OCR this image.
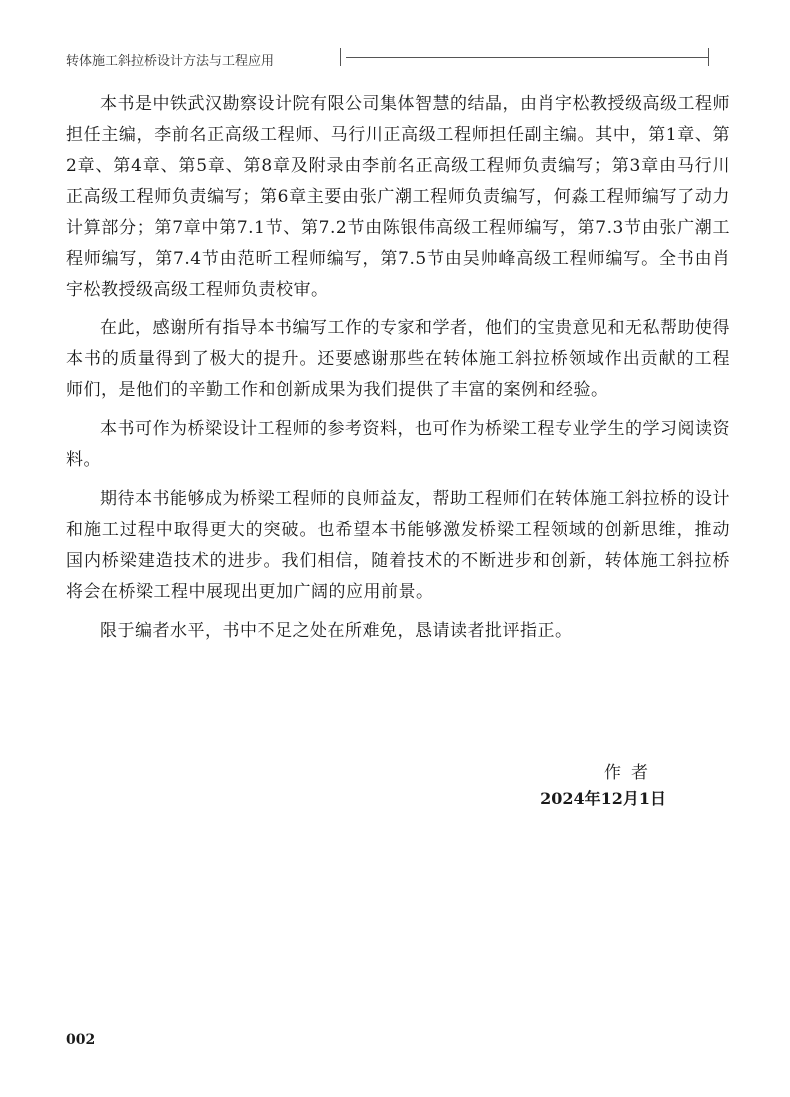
转体施工斜拉桥设计方法与工程应用

本书是中铁武汉勘察设计院有限公司集体智慧的结晶，由肖宇松教授级高级工程师担任主编，李前名正高级工程师、马行川正高级工程师担任副主编。其中，第1章、第2章、第4章、第5章、第8章及附录由李前名正高级工程师负责编写；第3章由马行川正高级工程师负责编写；第6章主要由张广潮工程师负责编写，何淼工程师编写了动力计算部分；第7章中第7.1节、第7.2节由陈银伟高级工程师编写，第7.3节由张广潮工程师编写，第7.4节由范昕工程师编写，第7.5节由吴帅峰高级工程师编写。全书由肖宇松教授级高级工程师负责校审。

在此，感谢所有指导本书编写工作的专家和学者，他们的宝贵意见和无私帮助使得本书的质量得到了极大的提升。还要感谢那些在转体施工斜拉桥领域作出贡献的工程师们，是他们的辛勤工作和创新成果为我们提供了丰富的案例和经验。

本书可作为桥梁设计工程师的参考资料，也可作为桥梁工程专业学生的学习阅读资料。

期待本书能够成为桥梁工程师的良师益友，帮助工程师们在转体施工斜拉桥的设计和施工过程中取得更大的突破。也希望本书能够激发桥梁工程领域的创新思维，推动国内桥梁建造技术的进步。我们相信，随着技术的不断进步和创新，转体施工斜拉桥将会在桥梁工程中展现出更加广阔的应用前景。

限于编者水平，书中不足之处在所难免，恳请读者批评指正。

作者
2024年12月1日
002
